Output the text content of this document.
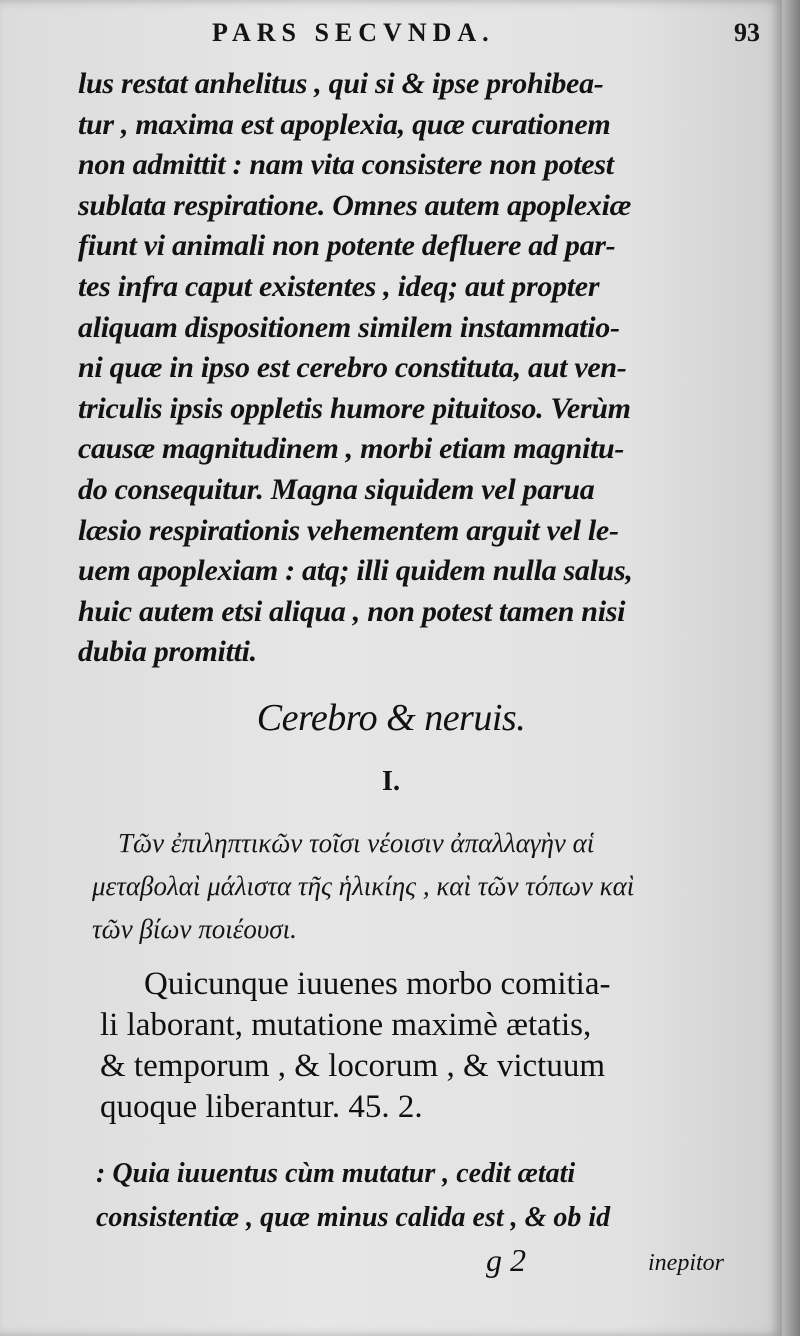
PARS SECVNDA.	93
lus restat anhelitus , qui si & ipse prohibea-
tur , maxima est apoplexia, quæ curationem
non admittit : nam vita consistere non potest
sublata respiratione. Omnes autem apoplexiæ
fiunt vi animali non potente defluere ad par-
tes infra caput existentes , ideq; aut propter
aliquam dispositionem similem instammatio-
ni quæ in ipso est cerebro constituta, aut ven-
triculis ipsis oppletis humore pituitoso. Verùm
causæ magnitudinem , morbi etiam magnitu-
do consequitur. Magna siquidem vel parua
læsio respirationis vehementem arguit vel le-
uem apoplexiam : atq; illi quidem nulla salus,
huic autem etsi aliqua , non potest tamen nisi
dubia promitti.
Cerebro & neruis.
I.
Τῶν ἐπιληπτικῶν τοῖσι νέοισιν ἀπαλλαγὴν αἱ
μεταβολαὶ μάλιστα τῆς ἡλικίης , καὶ τῶν τόπων καὶ
τῶν βίων ποιέουσι.
Quicunque iuuenes morbo comitia-
li laborant, mutatione maximè ætatis,
& temporum , & locorum , & victuum
quoque liberantur. 45. 2.
: Quia iuuentus cùm mutatur , cedit ætati
consistentiæ , quæ minus calida est , & ob id
g 2	inepitor
